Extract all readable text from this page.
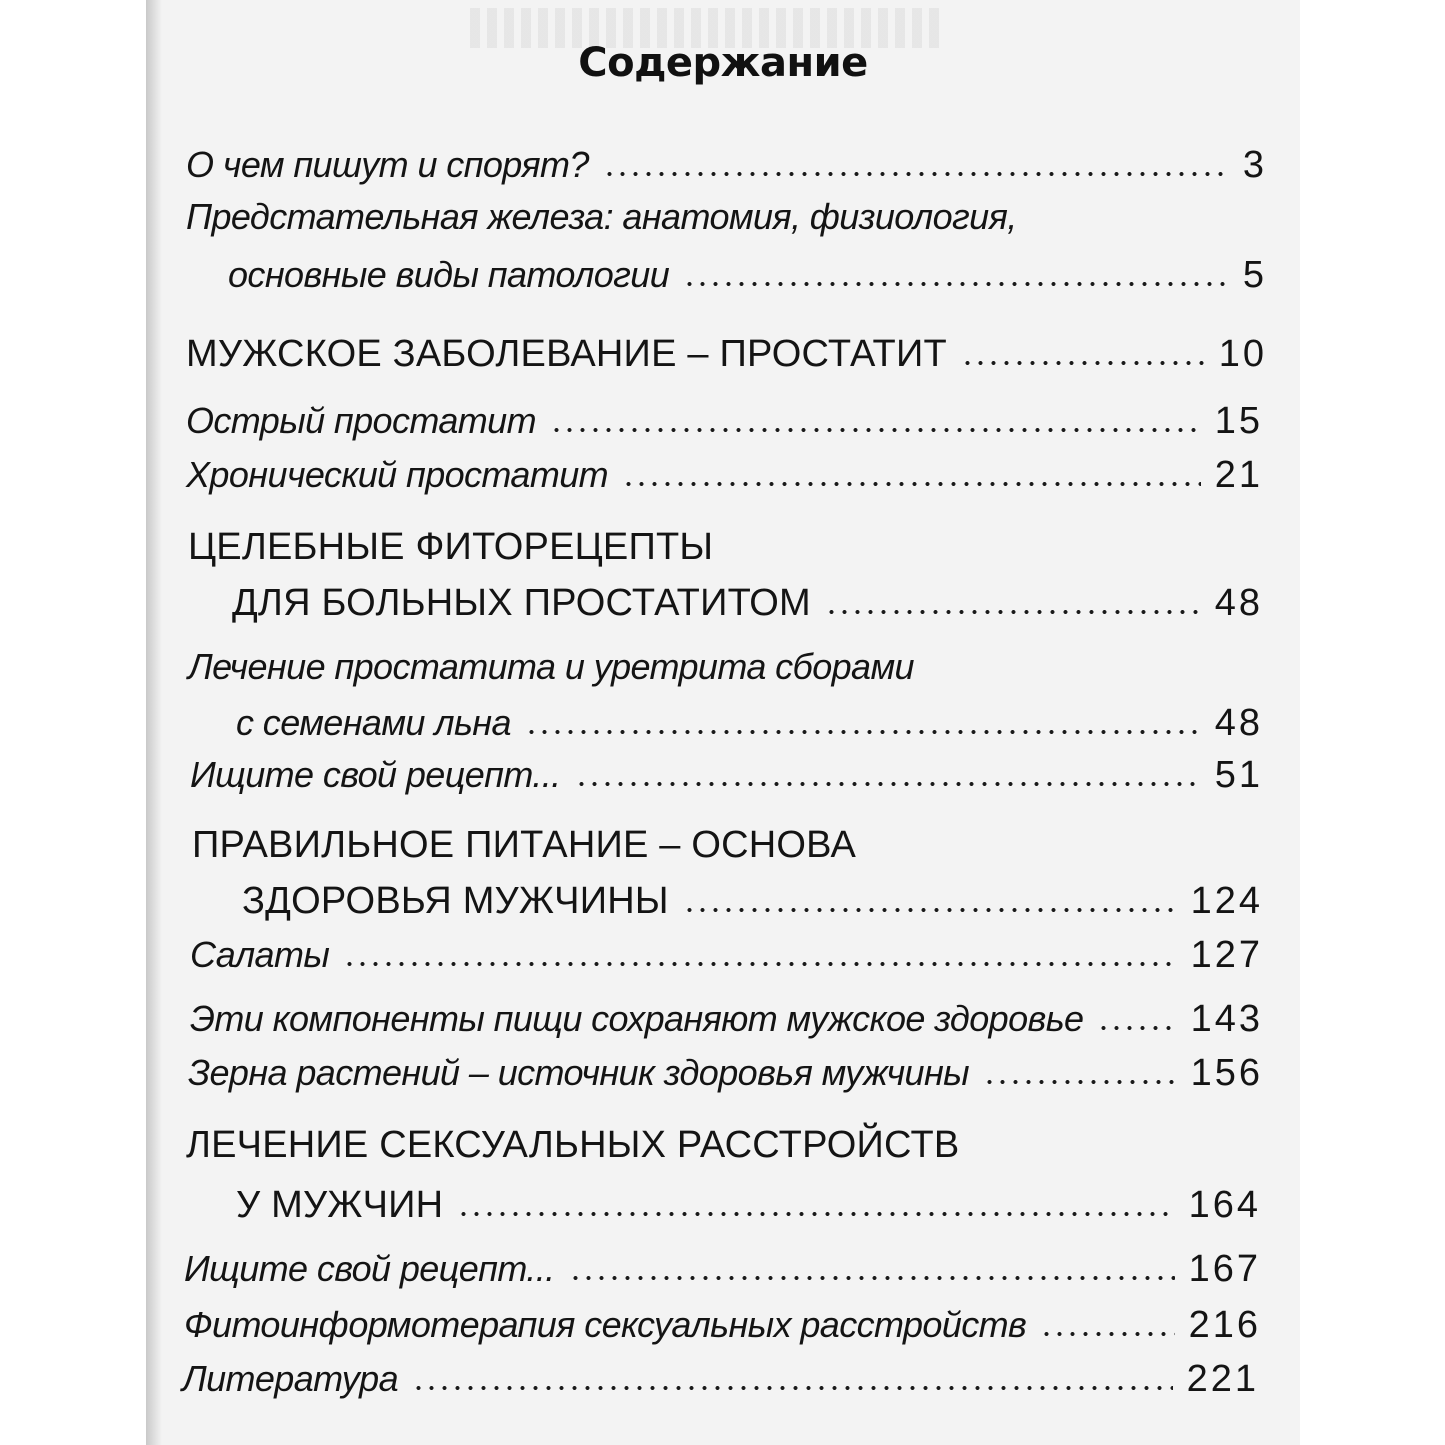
Содержание
О чем пишут и спорят?	3
Предстательная железа: анатомия, физиология,
основные виды патологии	5
МУЖСКОЕ ЗАБОЛЕВАНИЕ – ПРОСТАТИТ	10
Острый простатит	15
Хронический простатит	21
ЦЕЛЕБНЫЕ ФИТОРЕЦЕПТЫ
ДЛЯ БОЛЬНЫХ ПРОСТАТИТОМ	48
Лечение простатита и уретрита сборами
с семенами льна	48
Ищите свой рецепт...	51
ПРАВИЛЬНОЕ ПИТАНИЕ – ОСНОВА
ЗДОРОВЬЯ МУЖЧИНЫ	124
Салаты	127
Эти компоненты пищи сохраняют мужское здоровье	143
Зерна растений – источник здоровья мужчины	156
ЛЕЧЕНИЕ СЕКСУАЛЬНЫХ РАССТРОЙСТВ
У МУЖЧИН	164
Ищите свой рецепт...	167
Фитоинформотерапия сексуальных расстройств	216
Литература	221
